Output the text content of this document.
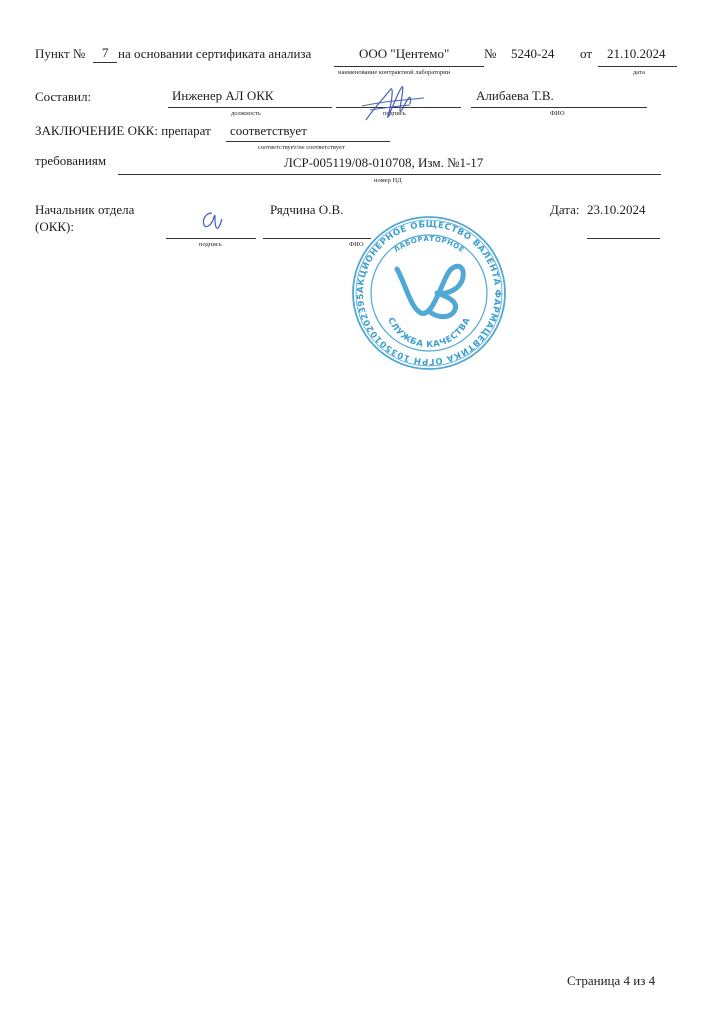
Пункт № 7 на основании сертификата анализа	ООО "Центемо"
наименование контрактной лаборатории
№ 5240-24 от 21.10.2024
дата
Составил:	Инженер АЛ ОКК
должность	подпись
Алибаева Т.В.
ФИО
ЗАКЛЮЧЕНИЕ ОКК: препарат соответствует
соответствует/не соответствует
требованиям	ЛСР-005119/08-010708, Изм. №1-17
номер НД
Начальник отдела
(ОКК):
подпись
Рядчина О.В.
ФИО
Дата: 23.10.2024
АКЦИОНЕРНОЕ ОБЩЕСТВО ВАЛЕНТА ФАРМАЦЕВТИКА ОГРН 1035010202395
ЛАБОРАТОРНОЕ
СЛУЖБА КАЧЕСТВА
Страница 4 из 4
